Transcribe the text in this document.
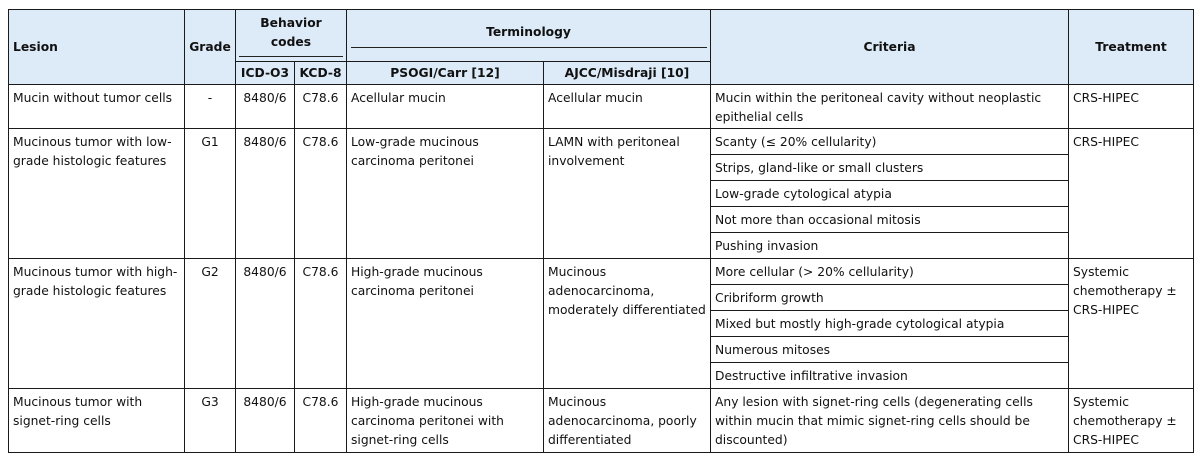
Lesion	Grade	Behavior codes		Terminology		Criteria	Treatment
		ICD-O3	KCD-8	PSOGI/Carr [12]	AJCC/Misdraji [10]		
Mucin without tumor cells	-	8480/6	C78.6	Acellular mucin	Acellular mucin	Mucin within the peritoneal cavity without neoplastic epithelial cells	CRS-HIPEC
Mucinous tumor with low-grade histologic features	G1	8480/6	C78.6	Low-grade mucinous carcinoma peritonei	LAMN with peritoneal involvement	Scanty (≤ 20% cellularity)	CRS-HIPEC
						Strips, gland-like or small clusters	
						Low-grade cytological atypia	
						Not more than occasional mitosis	
						Pushing invasion	
Mucinous tumor with high-grade histologic features	G2	8480/6	C78.6	High-grade mucinous carcinoma peritonei	Mucinous adenocarcinoma, moderately differentiated	More cellular (> 20% cellularity)	Systemic chemotherapy ± CRS-HIPEC
						Cribriform growth	
						Mixed but mostly high-grade cytological atypia	
						Numerous mitoses	
						Destructive infiltrative invasion	
Mucinous tumor with signet-ring cells	G3	8480/6	C78.6	High-grade mucinous carcinoma peritonei with signet-ring cells	Mucinous adenocarcinoma, poorly differentiated	Any lesion with signet-ring cells (degenerating cells within mucin that mimic signet-ring cells should be discounted)	Systemic chemotherapy ± CRS-HIPEC
